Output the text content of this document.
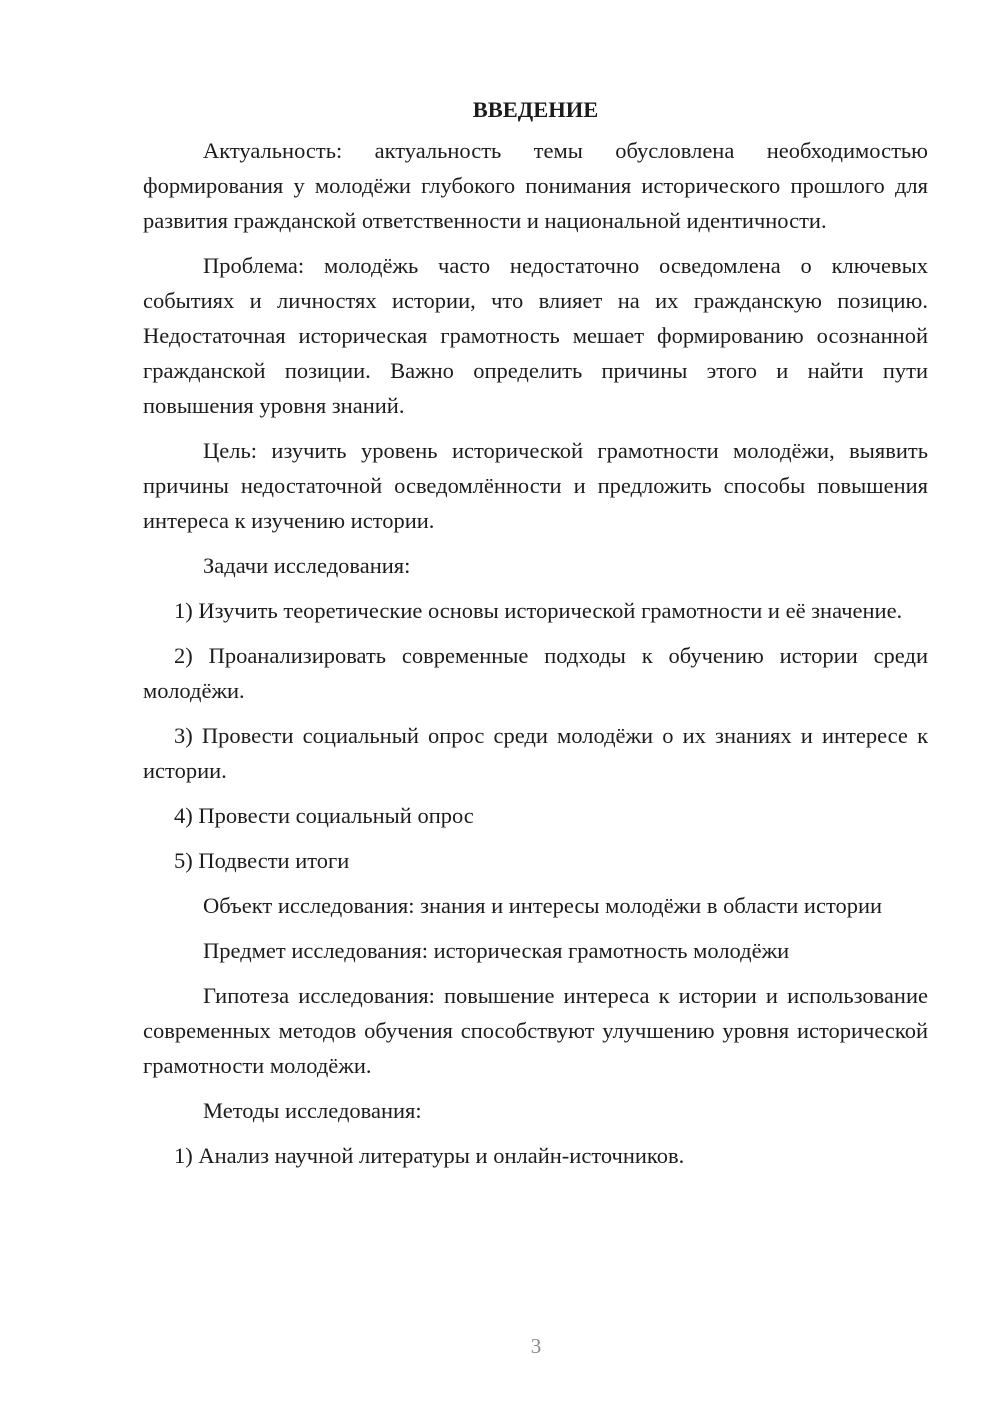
ВВЕДЕНИЕ

Актуальность: актуальность темы обусловлена необходимостью формирования у молодёжи глубокого понимания исторического прошлого для развития гражданской ответственности и национальной идентичности.

Проблема: молодёжь часто недостаточно осведомлена о ключевых событиях и личностях истории, что влияет на их гражданскую позицию. Недостаточная историческая грамотность мешает формированию осознанной гражданской позиции. Важно определить причины этого и найти пути повышения уровня знаний.

Цель: изучить уровень исторической грамотности молодёжи, выявить причины недостаточной осведомлённости и предложить способы повышения интереса к изучению истории.

Задачи исследования:

1) Изучить теоретические основы исторической грамотности и её значение.

2) Проанализировать современные подходы к обучению истории среди молодёжи.

3) Провести социальный опрос среди молодёжи о их знаниях и интересе к истории.

4) Провести социальный опрос

5) Подвести итоги

Объект исследования: знания и интересы молодёжи в области истории

Предмет исследования: историческая грамотность молодёжи

Гипотеза исследования: повышение интереса к истории и использование современных методов обучения способствуют улучшению уровня исторической грамотности молодёжи.

Методы исследования:

1) Анализ научной литературы и онлайн-источников.

3
